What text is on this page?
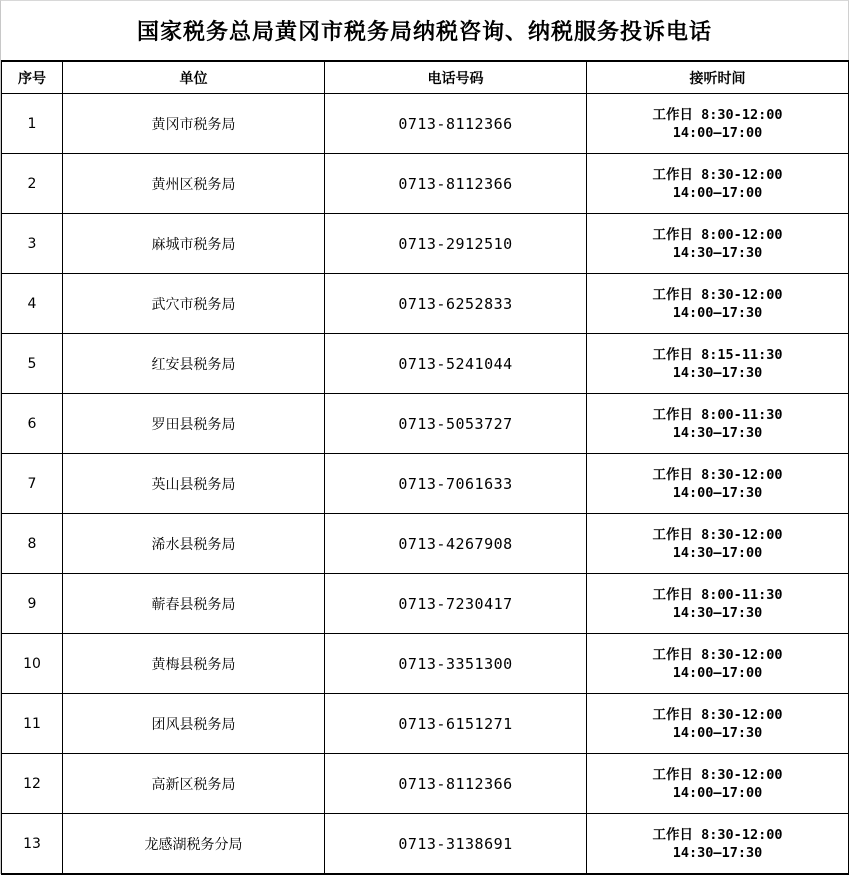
国家税务总局黄冈市税务局纳税咨询、纳税服务投诉电话
序号	单位	电话号码	接听时间
1	黄冈市税务局	0713-8112366	工作日 8:30-12:00
14:00—17:00
2	黄州区税务局	0713-8112366	工作日 8:30-12:00
14:00—17:00
3	麻城市税务局	0713-2912510	工作日 8:00-12:00
14:30—17:30
4	武穴市税务局	0713-6252833	工作日 8:30-12:00
14:00—17:30
5	红安县税务局	0713-5241044	工作日 8:15-11:30
14:30—17:30
6	罗田县税务局	0713-5053727	工作日 8:00-11:30
14:30—17:30
7	英山县税务局	0713-7061633	工作日 8:30-12:00
14:00—17:30
8	浠水县税务局	0713-4267908	工作日 8:30-12:00
14:30—17:00
9	蕲春县税务局	0713-7230417	工作日 8:00-11:30
14:30—17:30
10	黄梅县税务局	0713-3351300	工作日 8:30-12:00
14:00—17:00
11	团风县税务局	0713-6151271	工作日 8:30-12:00
14:00—17:30
12	高新区税务局	0713-8112366	工作日 8:30-12:00
14:00—17:00
13	龙感湖税务分局	0713-3138691	工作日 8:30-12:00
14:30—17:30
